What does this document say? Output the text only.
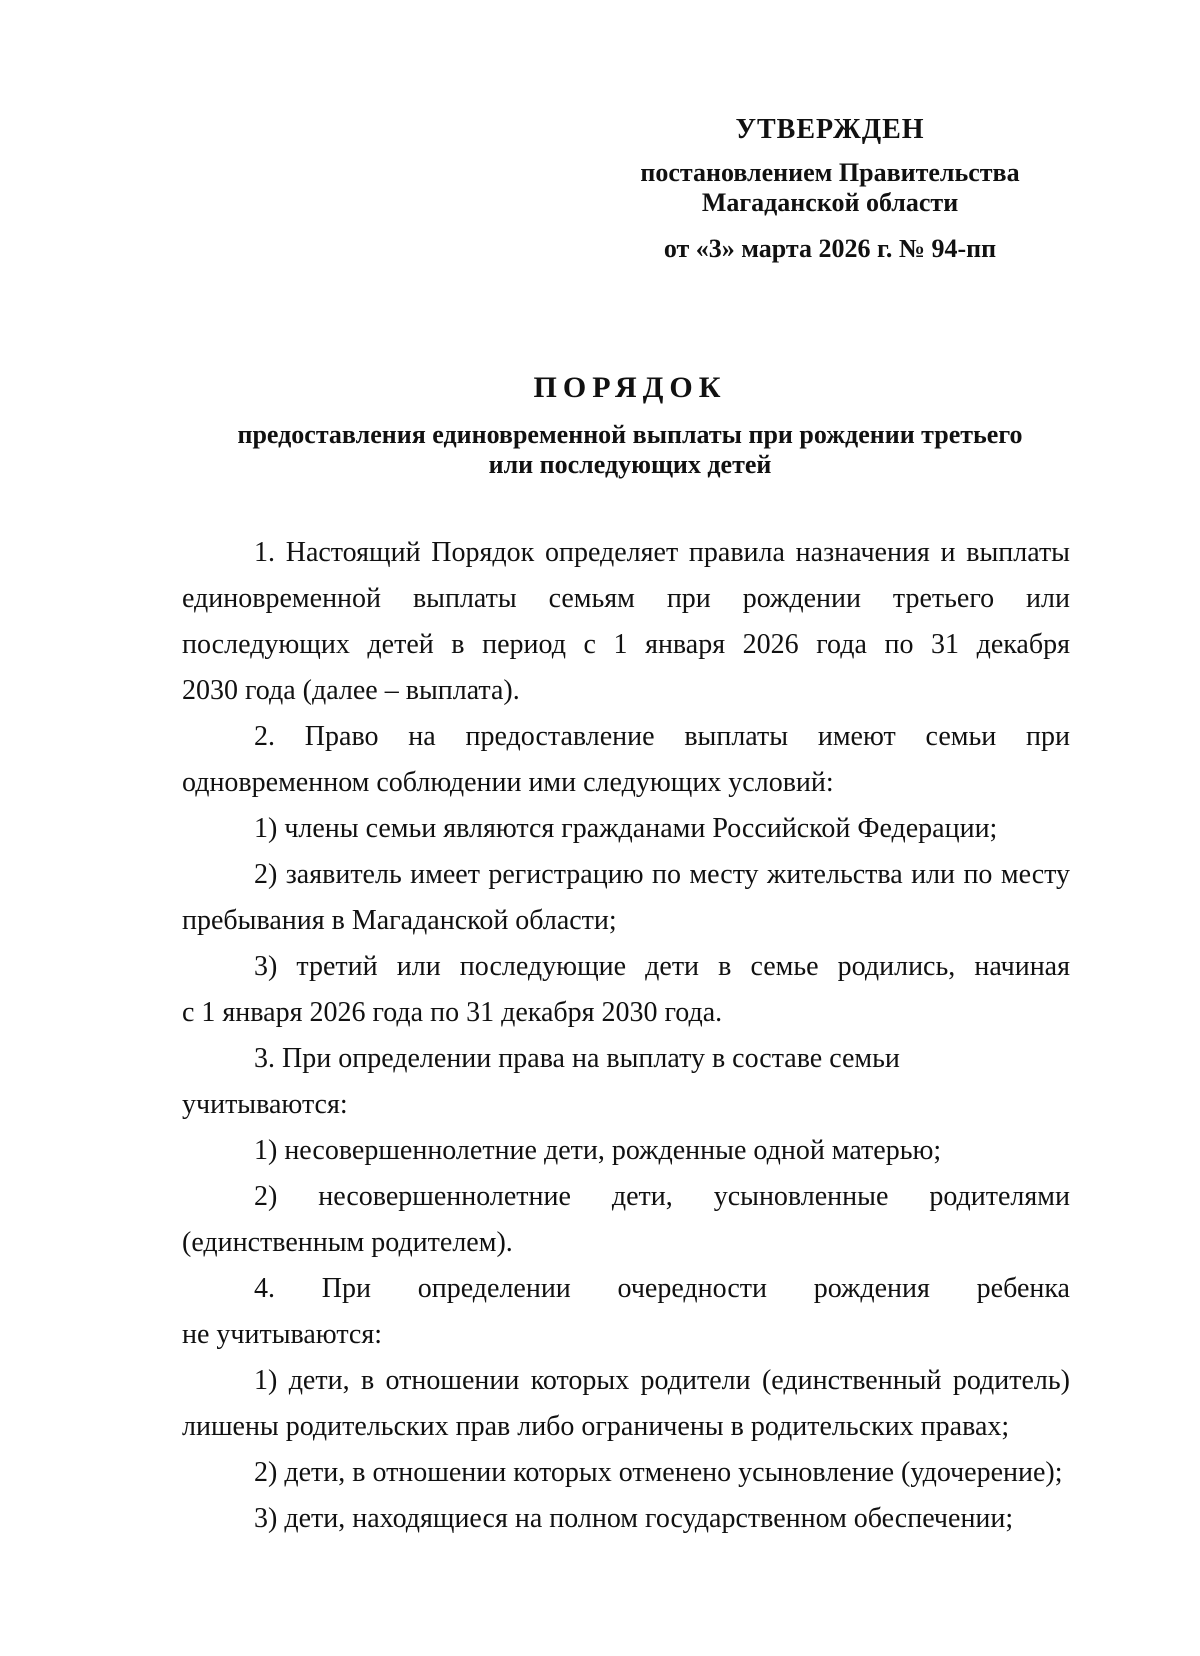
УТВЕРЖДЕН
постановлением Правительства
Магаданской области
от «3» марта 2026 г. № 94-пп
ПОРЯДОК
предоставления единовременной выплаты при рождении третьего
или последующих детей
1. Настоящий Порядок определяет правила назначения и выплаты
единовременной выплаты семьям при рождении третьего или
последующих детей в период с 1 января 2026 года по 31 декабря
2030 года (далее – выплата).
2. Право на предоставление выплаты имеют семьи при
одновременном соблюдении ими следующих условий:
1) члены семьи являются гражданами Российской Федерации;
2) заявитель имеет регистрацию по месту жительства или по месту
пребывания в Магаданской области;
3) третий или последующие дети в семье родились, начиная
с 1 января 2026 года по 31 декабря 2030 года.
3. При определении права на выплату в составе семьи учитываются:
1) несовершеннолетние дети, рожденные одной матерью;
2) несовершеннолетние дети, усыновленные родителями
(единственным родителем).
4. При определении очередности рождения ребенка
не учитываются:
1) дети, в отношении которых родители (единственный родитель)
лишены родительских прав либо ограничены в родительских правах;
2) дети, в отношении которых отменено усыновление (удочерение);
3) дети, находящиеся на полном государственном обеспечении;
